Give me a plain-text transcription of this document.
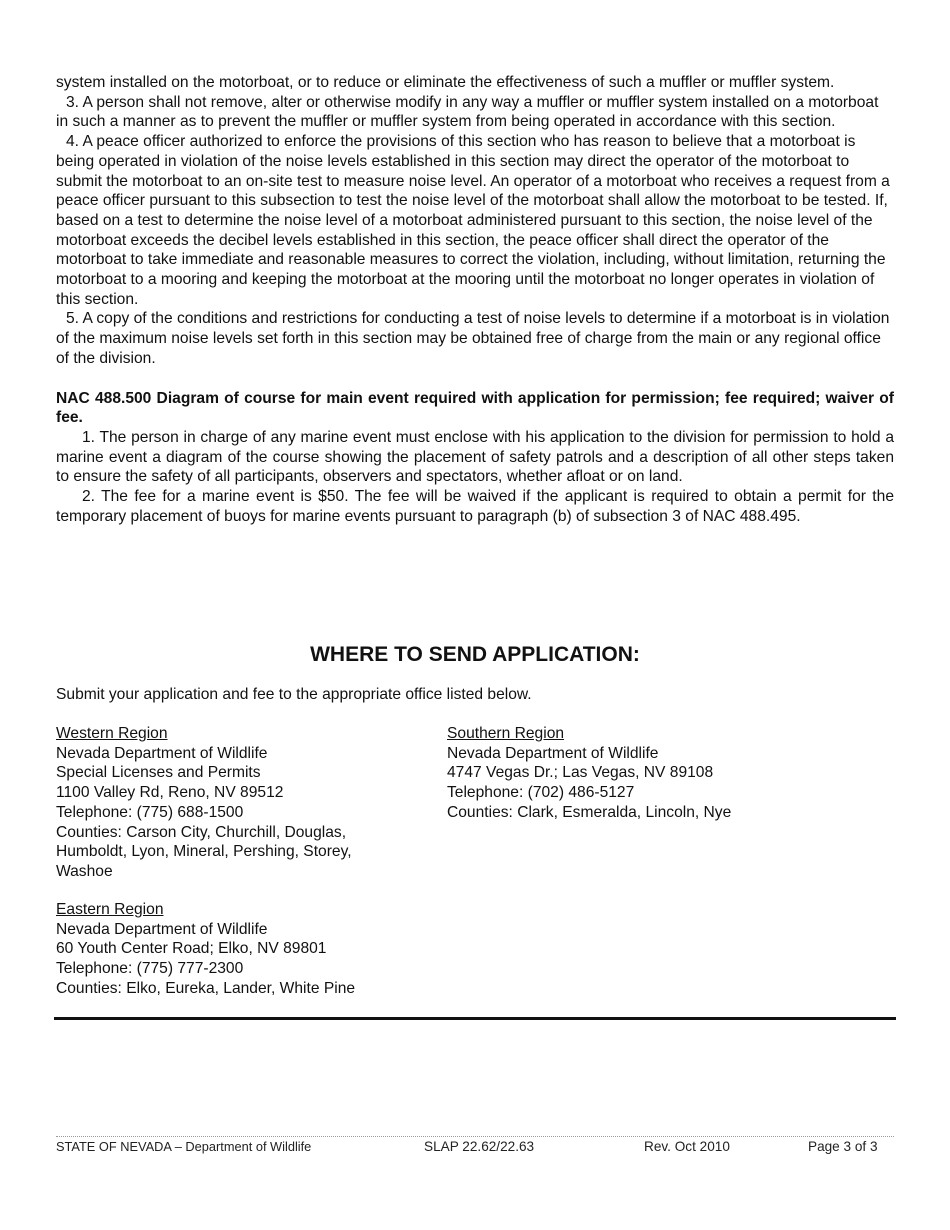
system installed on the motorboat, or to reduce or eliminate the effectiveness of such a muffler or muffler system.

3. A person shall not remove, alter or otherwise modify in any way a muffler or muffler system installed on a motorboat in such a manner as to prevent the muffler or muffler system from being operated in accordance with this section.

4. A peace officer authorized to enforce the provisions of this section who has reason to believe that a motorboat is being operated in violation of the noise levels established in this section may direct the operator of the motorboat to submit the motorboat to an on-site test to measure noise level. An operator of a motorboat who receives a request from a peace officer pursuant to this subsection to test the noise level of the motorboat shall allow the motorboat to be tested. If, based on a test to determine the noise level of a motorboat administered pursuant to this section, the noise level of the motorboat exceeds the decibel levels established in this section, the peace officer shall direct the operator of the motorboat to take immediate and reasonable measures to correct the violation, including, without limitation, returning the motorboat to a mooring and keeping the motorboat at the mooring until the motorboat no longer operates in violation of this section.

5. A copy of the conditions and restrictions for conducting a test of noise levels to determine if a motorboat is in violation of the maximum noise levels set forth in this section may be obtained free of charge from the main or any regional office of the division.

NAC 488.500 Diagram of course for main event required with application for permission; fee required; waiver of fee.

1. The person in charge of any marine event must enclose with his application to the division for permission to hold a marine event a diagram of the course showing the placement of safety patrols and a description of all other steps taken to ensure the safety of all participants, observers and spectators, whether afloat or on land.

2. The fee for a marine event is $50. The fee will be waived if the applicant is required to obtain a permit for the temporary placement of buoys for marine events pursuant to paragraph (b) of subsection 3 of NAC 488.495.

WHERE TO SEND APPLICATION:

Submit your application and fee to the appropriate office listed below.

Western Region
Nevada Department of Wildlife
Special Licenses and Permits
1100 Valley Rd, Reno, NV 89512
Telephone: (775) 688-1500
Counties: Carson City, Churchill, Douglas,
Humboldt, Lyon, Mineral, Pershing, Storey,
Washoe
Southern Region
Nevada Department of Wildlife
4747 Vegas Dr.; Las Vegas, NV 89108
Telephone: (702) 486-5127
Counties: Clark, Esmeralda, Lincoln, Nye
Eastern Region
Nevada Department of Wildlife
60 Youth Center Road; Elko, NV 89801
Telephone: (775) 777-2300
Counties: Elko, Eureka, Lander, White Pine
STATE OF NEVADA – Department of Wildlife	SLAP 22.62/22.63	Rev. Oct 2010	Page 3 of 3
